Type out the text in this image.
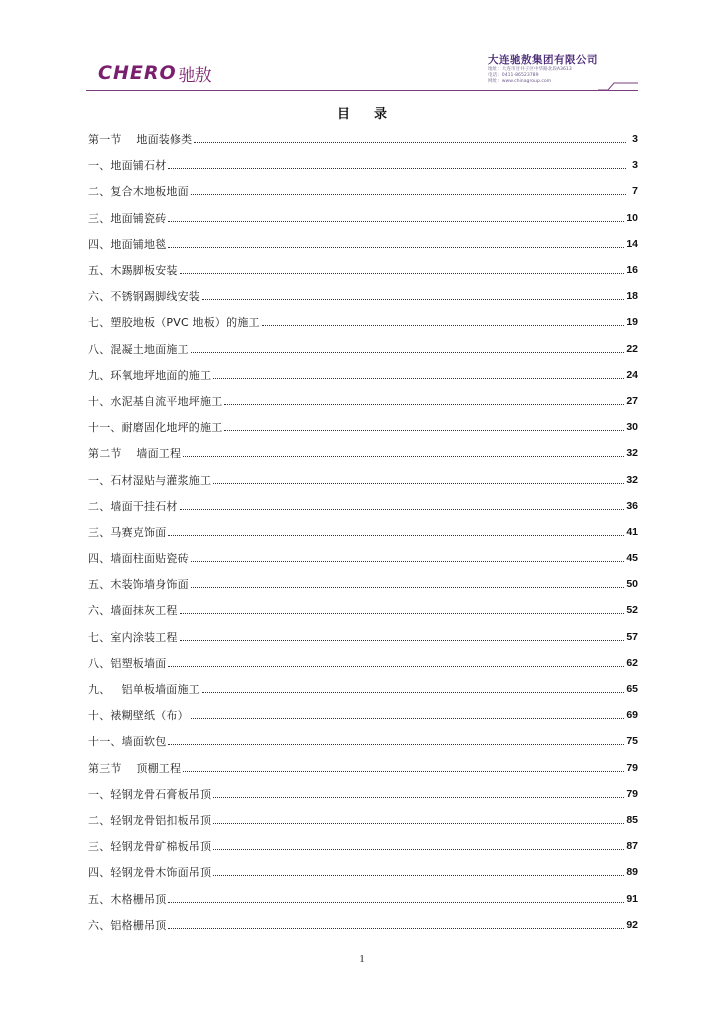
CHERO 驰敖
大连驰敖集团有限公司
地址：大连市甘井子区中华路北段A3613
电话：0411-86523789
网址：www.chinagroup.com
目 录
第一节    地面装修类	3
一、地面铺石材	3
二、复合木地板地面	7
三、地面铺瓷砖	10
四、地面铺地毯	14
五、木踢脚板安装	16
六、不锈钢踢脚线安装	18
七、塑胶地板（PVC 地板）的施工	19
八、混凝土地面施工	22
九、环氧地坪地面的施工	24
十、水泥基自流平地坪施工	27
十一、耐磨固化地坪的施工	30
第二节    墙面工程	32
一、石材湿贴与灌浆施工	32
二、墙面干挂石材	36
三、马赛克饰面	41
四、墙面柱面贴瓷砖	45
五、木装饰墙身饰面	50
六、墙面抹灰工程	52
七、室内涂装工程	57
八、铝塑板墙面	62
九、   铝单板墙面施工	65
十、裱糊壁纸（布）	69
十一、墙面软包	75
第三节    顶棚工程	79
一、轻钢龙骨石膏板吊顶	79
二、轻钢龙骨铝扣板吊顶	85
三、轻钢龙骨矿棉板吊顶	87
四、轻钢龙骨木饰面吊顶	89
五、木格栅吊顶	91
六、铝格栅吊顶	92
1
